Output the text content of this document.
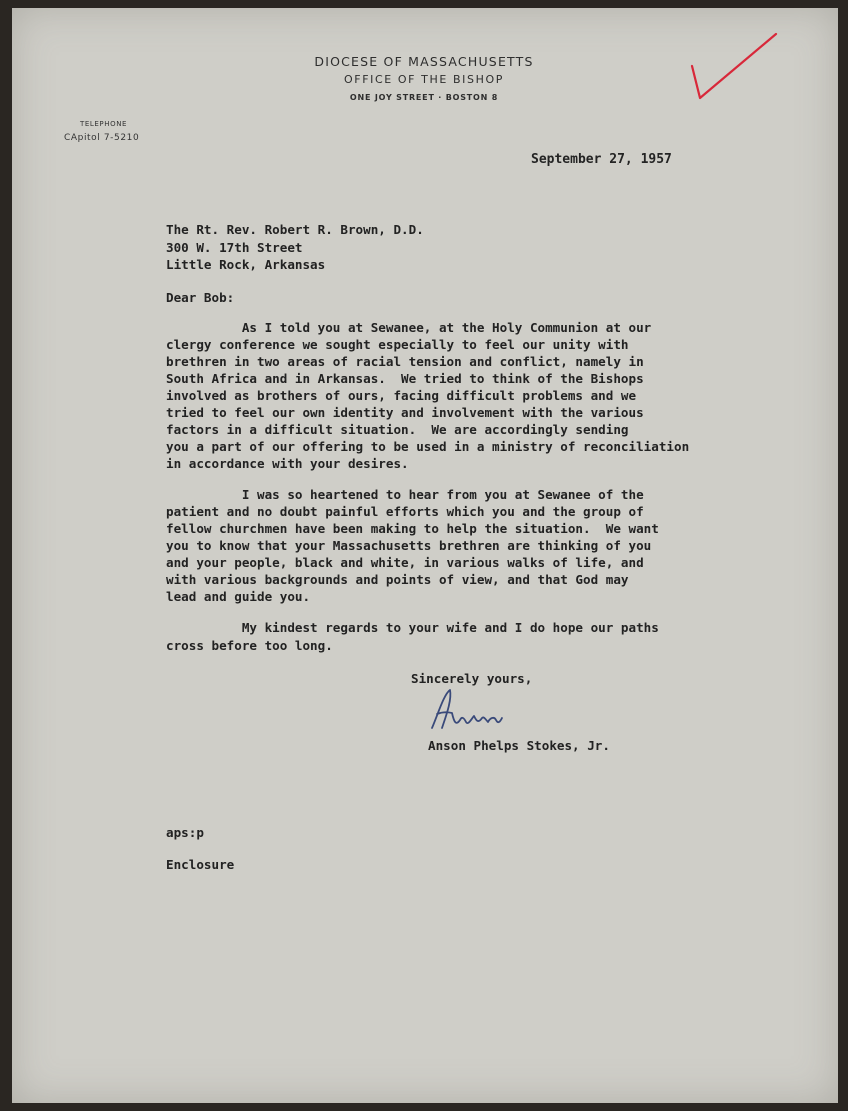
DIOCESE OF MASSACHUSETTS
OFFICE OF THE BISHOP
ONE JOY STREET · BOSTON 8
TELEPHONE
CApitol 7-5210
September 27, 1957
The Rt. Rev. Robert R. Brown, D.D.
300 W. 17th Street
Little Rock, Arkansas
Dear Bob:
As I told you at Sewanee, at the Holy Communion at our
clergy conference we sought especially to feel our unity with
brethren in two areas of racial tension and conflict, namely in
South Africa and in Arkansas.  We tried to think of the Bishops
involved as brothers of ours, facing difficult problems and we
tried to feel our own identity and involvement with the various
factors in a difficult situation.  We are accordingly sending
you a part of our offering to be used in a ministry of reconciliation
in accordance with your desires.
I was so heartened to hear from you at Sewanee of the
patient and no doubt painful efforts which you and the group of
fellow churchmen have been making to help the situation.  We want
you to know that your Massachusetts brethren are thinking of you
and your people, black and white, in various walks of life, and
with various backgrounds and points of view, and that God may
lead and guide you.
My kindest regards to your wife and I do hope our paths
cross before too long.
Sincerely yours,
Anson Phelps Stokes, Jr.
aps:p
Enclosure
